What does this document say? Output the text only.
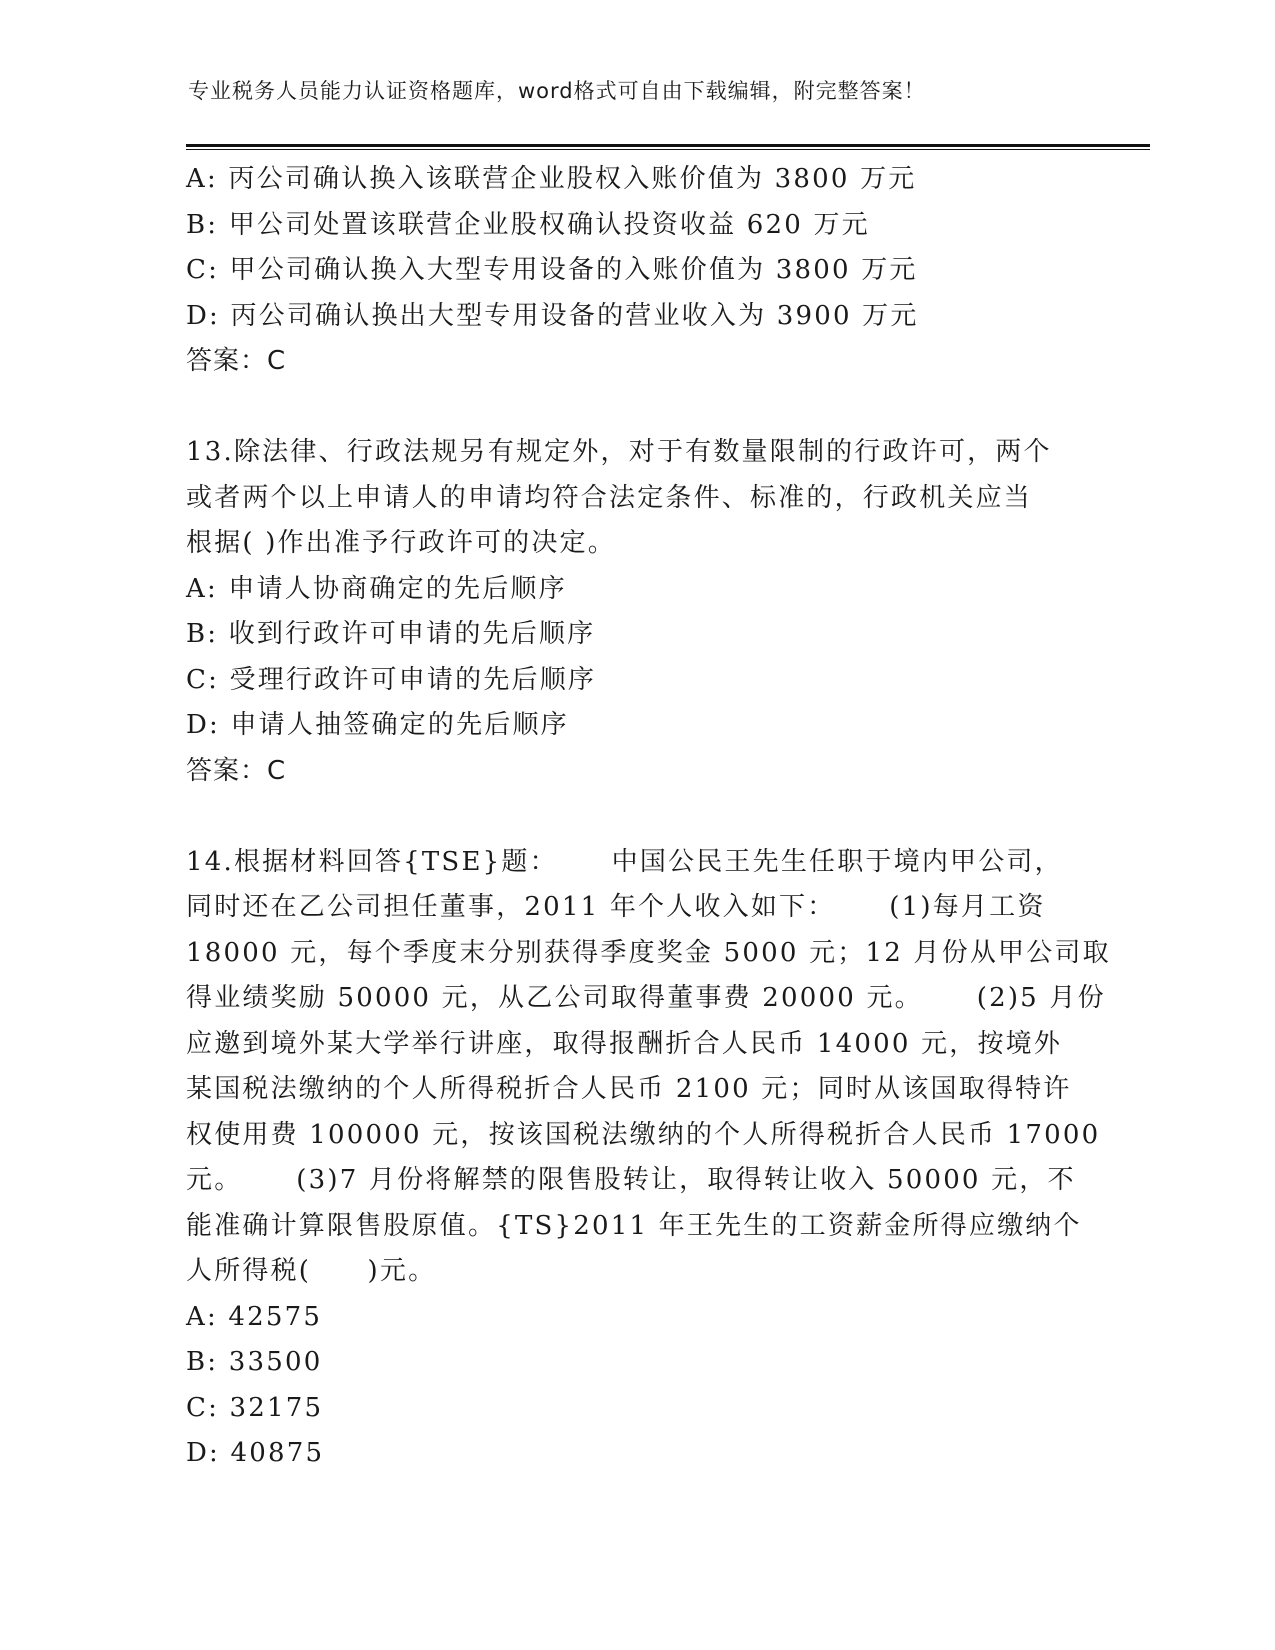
专业税务人员能力认证资格题库，word格式可自由下载编辑，附完整答案！
A: 丙公司确认换入该联营企业股权入账价值为 3800 万元
B: 甲公司处置该联营企业股权确认投资收益 620 万元
C: 甲公司确认换入大型专用设备的入账价值为 3800 万元
D: 丙公司确认换出大型专用设备的营业收入为 3900 万元
答案：C
13.除法律、行政法规另有规定外，对于有数量限制的行政许可，两个
或者两个以上申请人的申请均符合法定条件、标准的，行政机关应当
根据( )作出准予行政许可的决定。
A: 申请人协商确定的先后顺序
B: 收到行政许可申请的先后顺序
C: 受理行政许可申请的先后顺序
D: 申请人抽签确定的先后顺序
答案：C
14.根据材料回答{TSE}题：　　 中国公民王先生任职于境内甲公司，
同时还在乙公司担任董事，2011 年个人收入如下：　　 (1)每月工资
18000 元，每个季度末分别获得季度奖金 5000 元；12 月份从甲公司取
得业绩奖励 50000 元，从乙公司取得董事费 20000 元。　　 (2)5 月份
应邀到境外某大学举行讲座，取得报酬折合人民币 14000 元，按境外
某国税法缴纳的个人所得税折合人民币 2100 元；同时从该国取得特许
权使用费 100000 元，按该国税法缴纳的个人所得税折合人民币 17000
元。　　 (3)7 月份将解禁的限售股转让，取得转让收入 50000 元，不
能准确计算限售股原值。{TS}2011 年王先生的工资薪金所得应缴纳个
人所得税(　　)元。
A: 42575
B: 33500
C: 32175
D: 40875
